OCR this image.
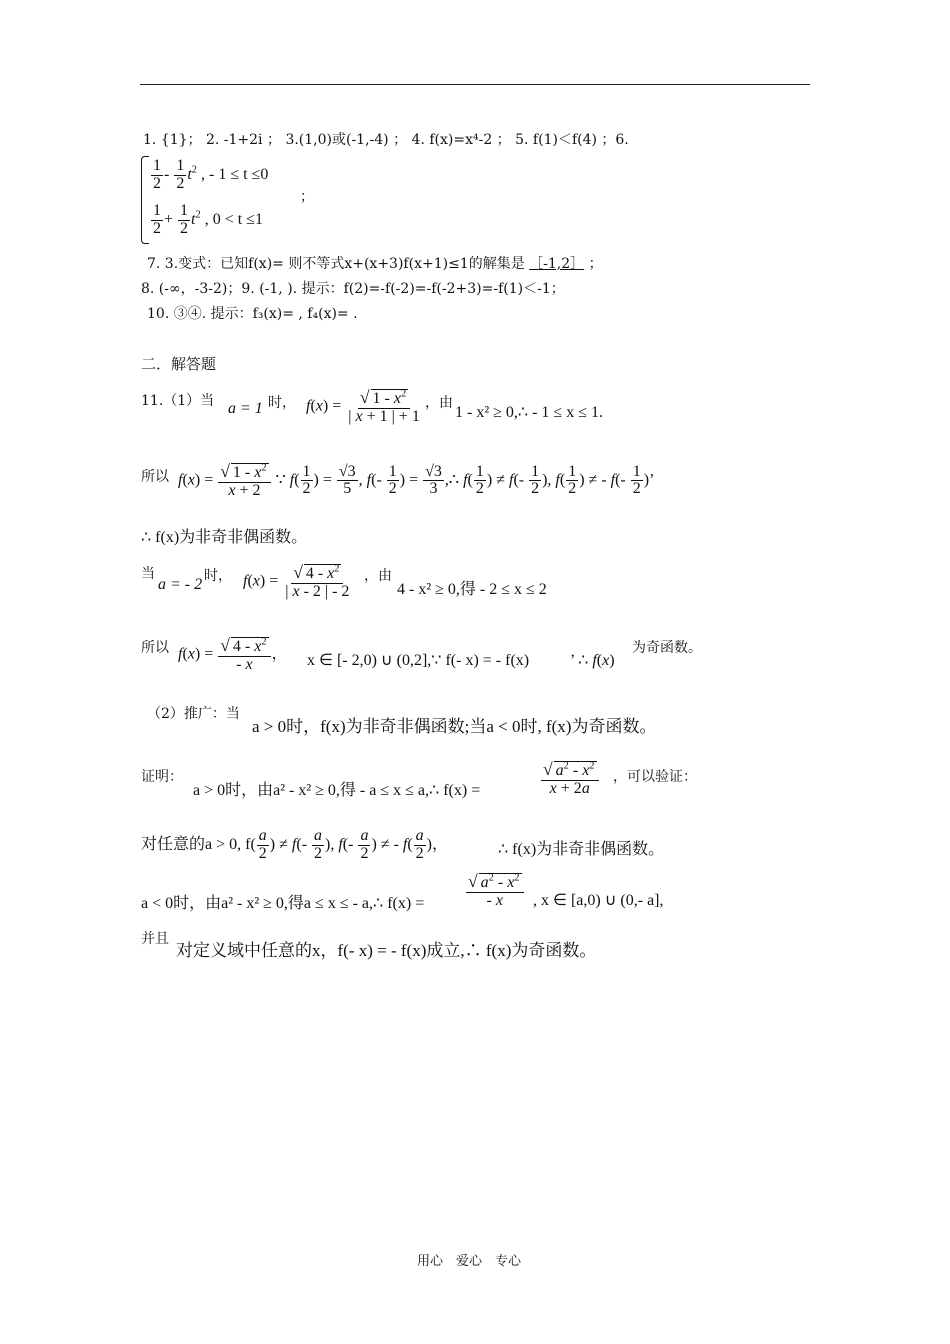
1. {1}； 2. -1+2i ； 3.(1,0)或(-1,-4) ； 4. f(x)=x⁴-2 ； 5. f(1)＜f(4) ；6.
$\frac{1}{2} - \frac{1}{2} t^2$ , - 1 ≤ t ≤0
；
$\frac{1}{2} + \frac{1}{2} t^2$ , 0 < t ≤1
7. 3.变式：已知f(x)= 则不等式x+(x+3)f(x+1)≤1的解集是 ［-1,2］ ；
8. (-∞，-3-2)；9. (-1, ). 提示：f(2)=-f(-2)=-f(-2+3)=-f(1)＜-1；
10. ③④. 提示：f₃(x)= , f₄(x)= .
二．解答题
11.（1）当 a = 1 时， $f(x) = \frac{√ 1 - x^2}{| x + 1 | + 1}$ ，由
1 - x² ≥ 0,∴ - 1 ≤ x ≤ 1.
所以 $f(x) = \frac{√ 1 - x^2}{x + 2}$ ∵ $f( \frac{1}{2}$ ) = $\frac{√3}{5}$ , $f(- \frac{1}{2}$ ) = $\frac{√3}{3}$ ,∴ $f( \frac{1}{2}$ ) ≠ $f(- \frac{1}{2}$ ), $f( \frac{1}{2}$ ) ≠ - $f(- \frac{1}{2}$ )’
∴ f(x)为非奇非偶函数。
当
a = - 2 时， $f(x) = \frac{√ 4 - x^2}{| x - 2 | - 2}$ ，由
4 - x² ≥ 0,得 - 2 ≤ x ≤ 2
所以 $f(x) = \frac{√ 4 - x^2}{- x}$ ， x ∈ [- 2,0) ∪ (0,2],∵ f(- x) = - f(x)	’ ∴ f(x)
为奇函数。
（2）推广：当
a > 0时，f(x)为非奇非偶函数;当a < 0时, f(x)为奇函数。
证明：
a > 0时，由a² - x² ≥ 0,得 - a ≤ x ≤ a,∴ f(x) =	$\frac{√ a^2 - x^2}{x + 2a}$ ，可以验证：
对任意的a > 0, $f( \frac{a}{2}$ ) ≠ $f(- \frac{a}{2}$ ), $f(- \frac{a}{2}$ ) ≠ - $f( \frac{a}{2}$ )，	∴ f(x)为非奇非偶函数。
a < 0时，由a² - x² ≥ 0,得a ≤ x ≤ - a,∴ $f(x) = \frac{√ a^2 - x^2}{- x}$ , x ∈ [a,0) ∪ (0,- a],
并且
对定义域中任意的x，f(- x) = - f(x)成立,∴ f(x)为奇函数。
用心　爱心　专心
